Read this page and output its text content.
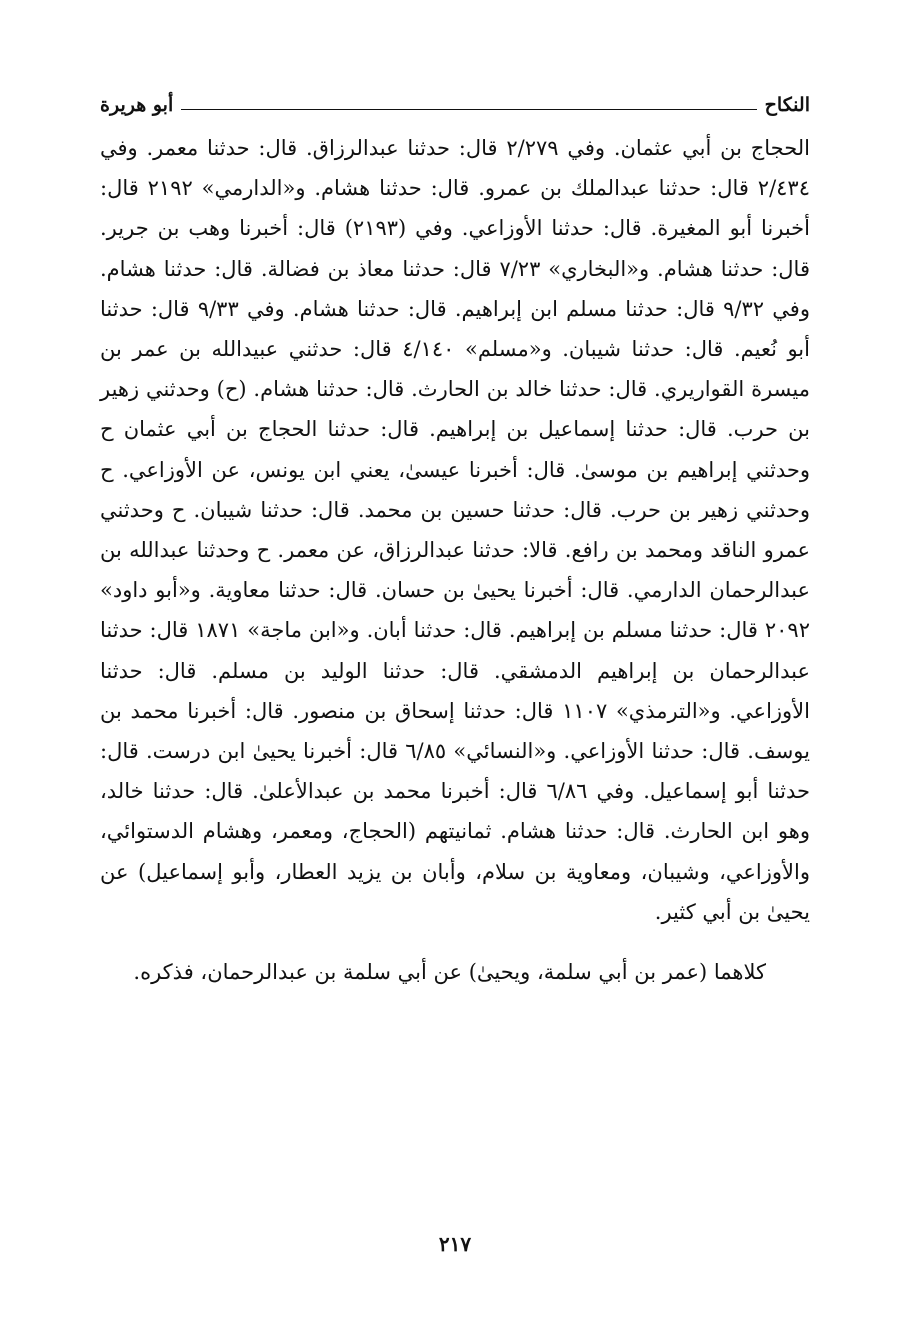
النكاح
أبو هريرة

الحجاج بن أبي عثمان. وفي ٢/٢٧٩ قال: حدثنا عبدالرزاق. قال: حدثنا معمر. وفي ٢/٤٣٤ قال: حدثنا عبدالملك بن عمرو. قال: حدثنا هشام. و«الدارمي» ٢١٩٢ قال: أخبرنا أبو المغيرة. قال: حدثنا الأوزاعي. وفي (٢١٩٣) قال: أخبرنا وهب بن جرير. قال: حدثنا هشام. و«البخاري» ٧/٢٣ قال: حدثنا معاذ بن فضالة. قال: حدثنا هشام. وفي ٩/٣٢ قال: حدثنا مسلم ابن إبراهيم. قال: حدثنا هشام. وفي ٩/٣٣ قال: حدثنا أبو نُعيم. قال: حدثنا شيبان. و«مسلم» ٤/١٤٠ قال: حدثني عبيدالله بن عمر بن ميسرة القواريري. قال: حدثنا خالد بن الحارث. قال: حدثنا هشام. (ح) وحدثني زهير بن حرب. قال: حدثنا إسماعيل بن إبراهيم. قال: حدثنا الحجاج بن أبي عثمان ح وحدثني إبراهيم بن موسىٰ. قال: أخبرنا عيسىٰ، يعني ابن يونس، عن الأوزاعي. ح وحدثني زهير بن حرب. قال: حدثنا حسين بن محمد. قال: حدثنا شيبان. ح وحدثني عمرو الناقد ومحمد بن رافع. قالا: حدثنا عبدالرزاق، عن معمر. ح وحدثنا عبدالله بن عبدالرحمان الدارمي. قال: أخبرنا يحيىٰ بن حسان. قال: حدثنا معاوية. و«أبو داود» ٢٠٩٢ قال: حدثنا مسلم بن إبراهيم. قال: حدثنا أبان. و«ابن ماجة» ١٨٧١ قال: حدثنا عبدالرحمان بن إبراهيم الدمشقي. قال: حدثنا الوليد بن مسلم. قال: حدثنا الأوزاعي. و«الترمذي» ١١٠٧ قال: حدثنا إسحاق بن منصور. قال: أخبرنا محمد بن يوسف. قال: حدثنا الأوزاعي. و«النسائي» ٦/٨٥ قال: أخبرنا يحيىٰ ابن درست. قال: حدثنا أبو إسماعيل. وفي ٦/٨٦ قال: أخبرنا محمد بن عبدالأعلىٰ. قال: حدثنا خالد، وهو ابن الحارث. قال: حدثنا هشام. ثمانيتهم (الحجاج، ومعمر، وهشام الدستوائي، والأوزاعي، وشيبان، ومعاوية بن سلام، وأبان بن يزيد العطار، وأبو إسماعيل) عن يحيىٰ بن أبي كثير.

كلاهما (عمر بن أبي سلمة، ويحيىٰ) عن أبي سلمة بن عبدالرحمان، فذكره.

٢١٧
